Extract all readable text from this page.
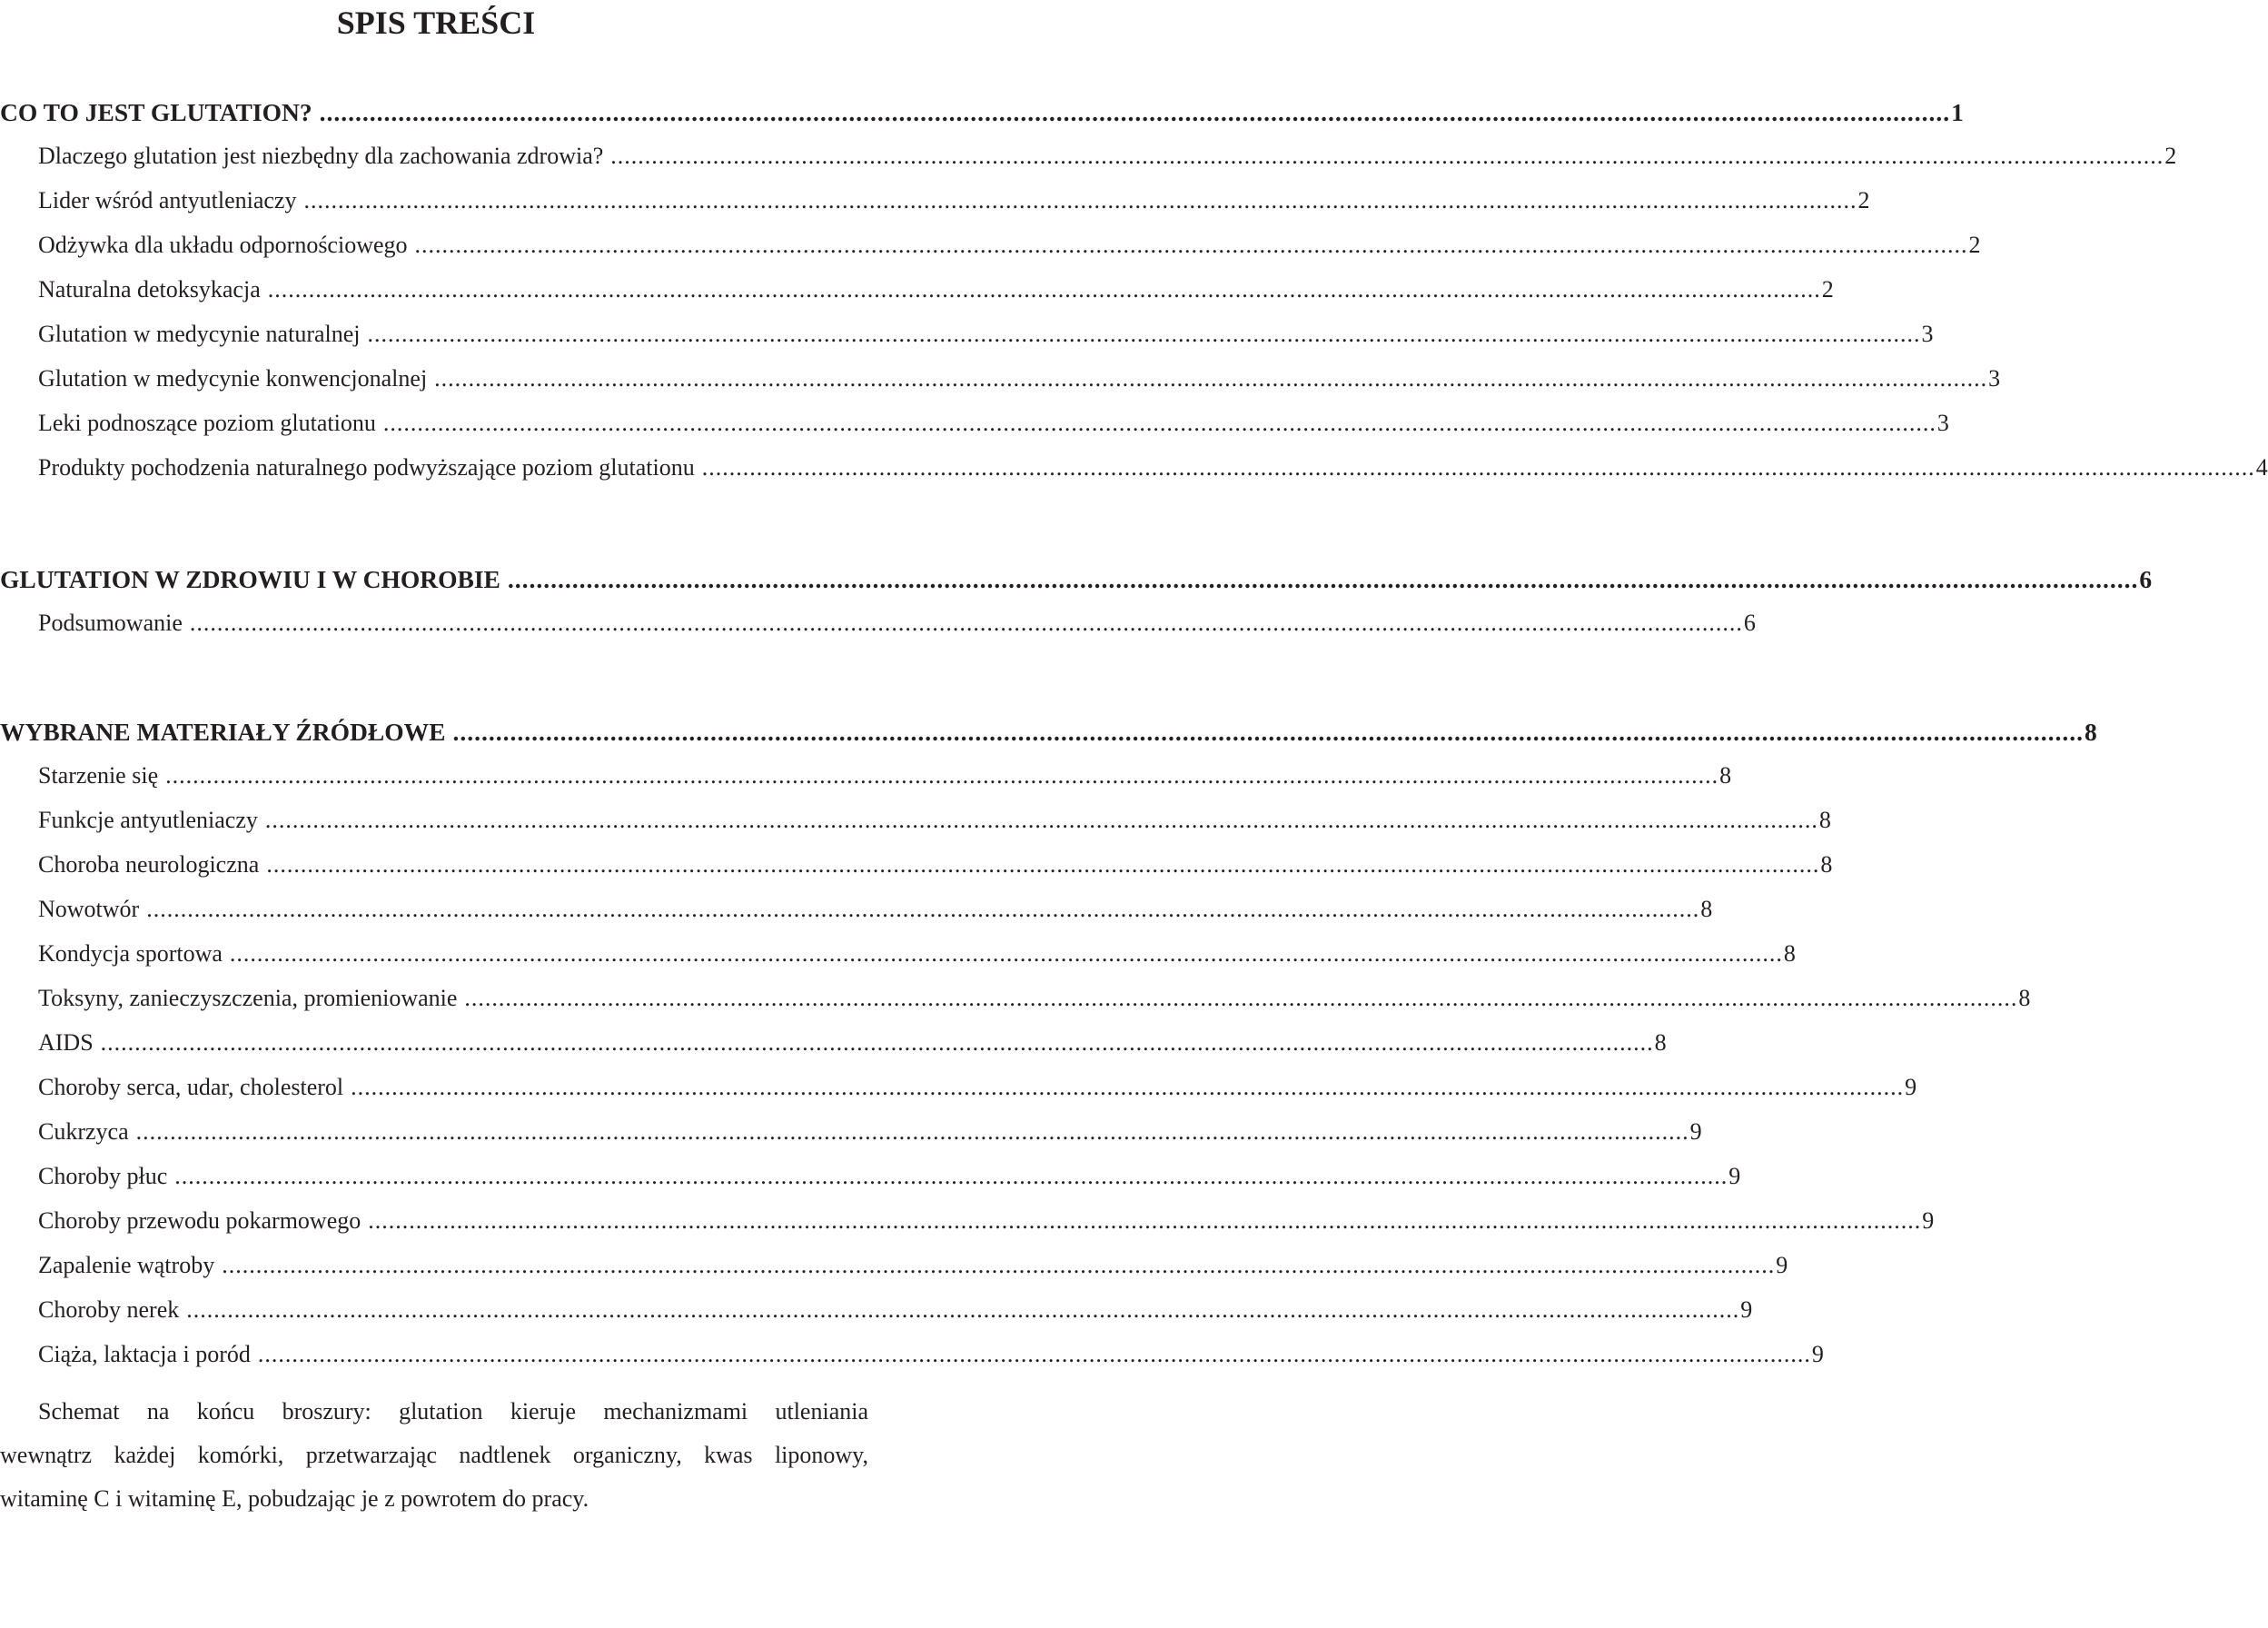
SPIS TREŚCI
CO TO JEST GLUTATION? .................................................................................................................................................................................................................................... 1
Dlaczego glutation jest niezbędny dla zachowania zdrowia? .................................................................................................................................................................................................................................... 2
Lider wśród antyutleniaczy .................................................................................................................................................................................................................................... 2
Odżywka dla układu odpornościowego .................................................................................................................................................................................................................................... 2
Naturalna detoksykacja .................................................................................................................................................................................................................................... 2
Glutation w medycynie naturalnej .................................................................................................................................................................................................................................... 3
Glutation w medycynie konwencjonalnej .................................................................................................................................................................................................................................... 3
Leki podnoszące poziom glutationu .................................................................................................................................................................................................................................... 3
Produkty pochodzenia naturalnego podwyższające poziom glutationu .................................................................................................................................................................................................................................... 4
GLUTATION W ZDROWIU I W CHOROBIE .................................................................................................................................................................................................................................... 6
Podsumowanie .................................................................................................................................................................................................................................... 6
WYBRANE MATERIAŁY ŹRÓDŁOWE .................................................................................................................................................................................................................................... 8
Starzenie się .................................................................................................................................................................................................................................... 8
Funkcje antyutleniaczy .................................................................................................................................................................................................................................... 8
Choroba neurologiczna .................................................................................................................................................................................................................................... 8
Nowotwór .................................................................................................................................................................................................................................... 8
Kondycja sportowa .................................................................................................................................................................................................................................... 8
Toksyny, zanieczyszczenia, promieniowanie .................................................................................................................................................................................................................................... 8
AIDS .................................................................................................................................................................................................................................... 8
Choroby serca, udar, cholesterol .................................................................................................................................................................................................................................... 9
Cukrzyca .................................................................................................................................................................................................................................... 9
Choroby płuc .................................................................................................................................................................................................................................... 9
Choroby przewodu pokarmowego .................................................................................................................................................................................................................................... 9
Zapalenie wątroby .................................................................................................................................................................................................................................... 9
Choroby nerek .................................................................................................................................................................................................................................... 9
Ciąża, laktacja i poród .................................................................................................................................................................................................................................... 9
Schemat na końcu broszury: glutation kieruje mechanizmami utleniania
wewnątrz każdej komórki, przetwarzając nadtlenek organiczny, kwas liponowy,
witaminę C i witaminę E, pobudzając je z powrotem do pracy.
